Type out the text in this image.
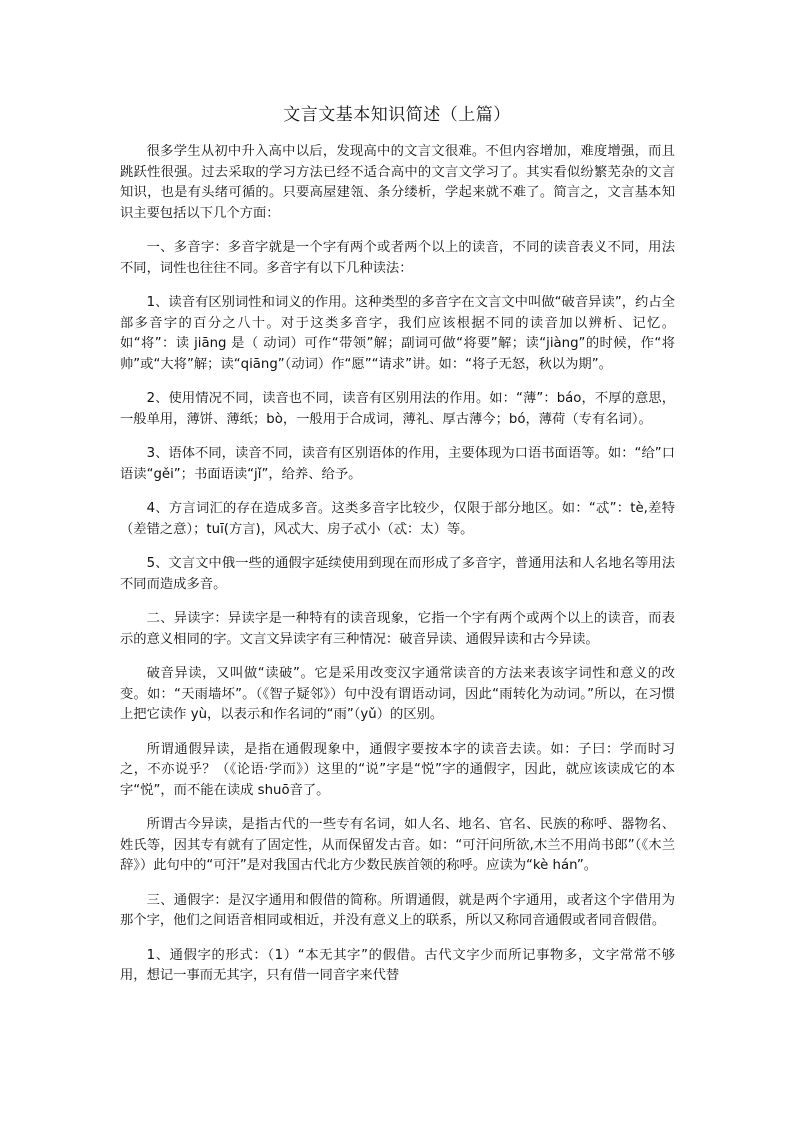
文言文基本知识简述（上篇）

很多学生从初中升入高中以后，发现高中的文言文很难。不但内容增加，难度增强，而且跳跃性很强。过去采取的学习方法已经不适合高中的文言文学习了。其实看似纷繁芜杂的文言知识，也是有头绪可循的。只要高屋建瓴、条分缕析，学起来就不难了。简言之，文言基本知识主要包括以下几个方面：

一、多音字：多音字就是一个字有两个或者两个以上的读音，不同的读音表义不同，用法不同，词性也往往不同。多音字有以下几种读法：

1、读音有区别词性和词义的作用。这种类型的多音字在文言文中叫做“破音异读”，约占全部多音字的百分之八十。对于这类多音字，我们应该根据不同的读音加以辨析、记忆。如“将”：读 jiāng 是（ 动词）可作“带领”解；副词可做“将要”解；读“jiàng”的时候，作“将帅”或“大将”解；读“qiāng”（动词）作“愿”“请求”讲。如：“将子无怒，秋以为期”。

2、使用情况不同，读音也不同，读音有区别用法的作用。如：“薄”：báo，不厚的意思，一般单用，薄饼、薄纸；bò，一般用于合成词，薄礼、厚古薄今；bó，薄荷（专有名词）。

3、语体不同，读音不同，读音有区别语体的作用，主要体现为口语书面语等。如：“给”口语读“gěi”；书面语读“jǐ”，给养、给予。

4、方言词汇的存在造成多音。这类多音字比较少，仅限于部分地区。如：“忒”：tè,差特（差错之意）；tuī(方言)，风忒大、房子忒小（忒：太）等。

5、文言文中俄一些的通假字延续使用到现在而形成了多音字，普通用法和人名地名等用法不同而造成多音。

二、异读字：异读字是一种特有的读音现象，它指一个字有两个或两个以上的读音，而表示的意义相同的字。文言文异读字有三种情况：破音异读、通假异读和古今异读。

破音异读，又叫做“读破”。它是采用改变汉字通常读音的方法来表该字词性和意义的改变。如：“天雨墙坏”。（《智子疑邻》）句中没有谓语动词，因此“雨转化为动词。”所以，在习惯上把它读作 yù，以表示和作名词的“雨”（yǔ）的区别。

所谓通假异读，是指在通假现象中，通假字要按本字的读音去读。如：子曰：学而时习之，不亦说乎？（《论语·学而》）这里的“说”字是“悦”字的通假字，因此，就应该读成它的本字“悦”，而不能在读成 shuō音了。

所谓古今异读，是指古代的一些专有名词，如人名、地名、官名、民族的称呼、器物名、姓氏等，因其专有就有了固定性，从而保留发古音。如：“可汗问所欲,木兰不用尚书郎”（《木兰辞》）此句中的“可汗”是对我国古代北方少数民族首领的称呼。应读为“kè hán”。

三、通假字：是汉字通用和假借的简称。所谓通假，就是两个字通用，或者这个字借用为那个字，他们之间语音相同或相近，并没有意义上的联系，所以又称同音通假或者同音假借。

1、通假字的形式：（1）“本无其字”的假借。古代文字少而所记事物多，文字常常不够用，想记一事而无其字，只有借一同音字来代替
